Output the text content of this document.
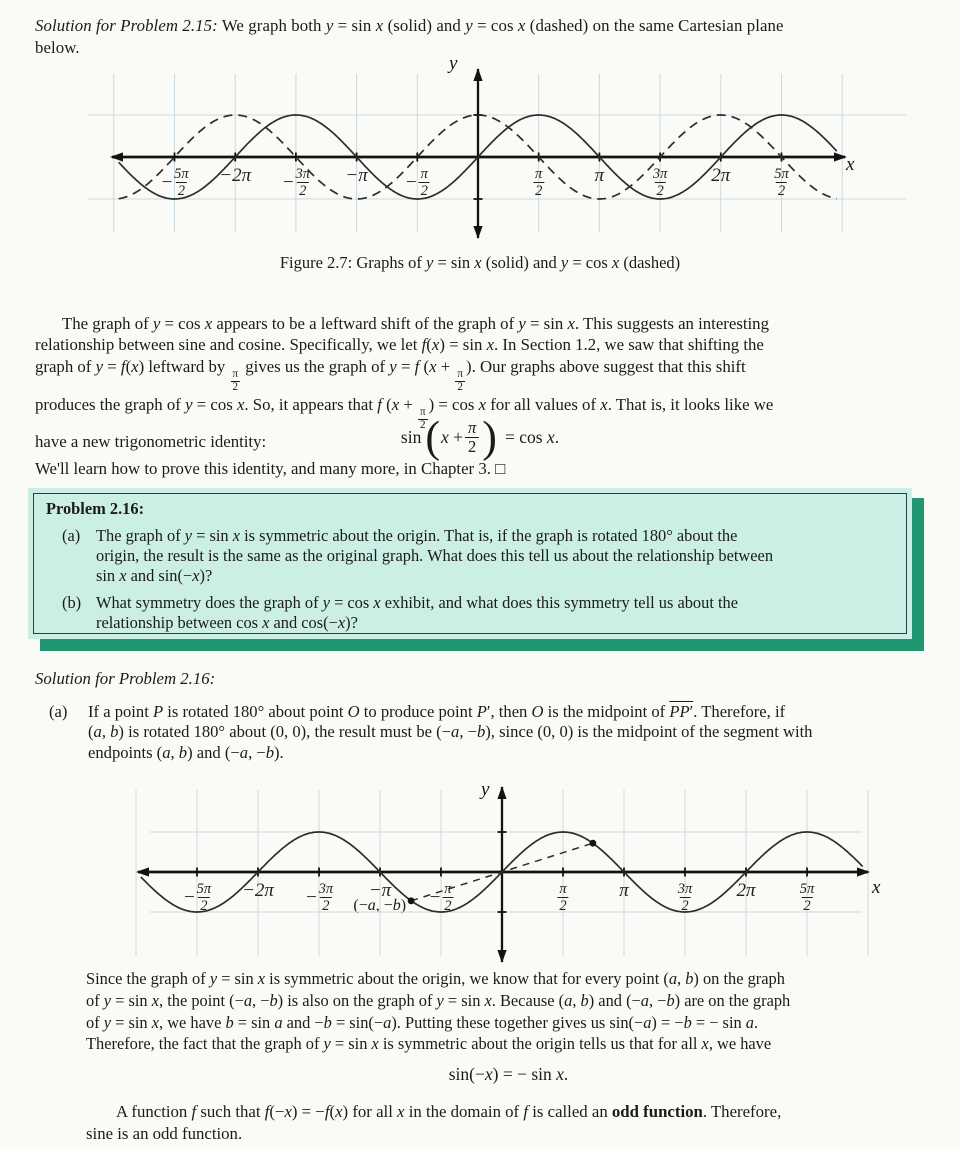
Solution for Problem 2.15: We graph both y = sin x (solid) and y = cos x (dashed) on the same Cartesian plane
below.
− $\frac{5\pi}{2} -2\pi - \frac{3\pi}{2} -\pi - \frac{\pi}{2}$	π
2
π	3π
2
2π	5π
2
x
y
Figure 2.7: Graphs of y = sin x (solid) and y = cos x (dashed)
The graph of y = cos x appears to be a leftward shift of the graph of y = sin x. This suggests an interesting
relationship between sine and cosine. Specifically, we let f(x) = sin x. In Section 1.2, we saw that shifting the
graph of y = f(x) leftward by
$\frac{\pi}{2}$
gives us the graph of y = f (x +
$\frac{\pi}{2}$
). Our graphs above suggest that this shift
produces the graph of y = cos x. So, it appears that f (x +
$\frac{\pi}{2}$
) = cos x for all values of x. That is, it looks like we
have a new trigonometric identity:	sin ( $x + \frac{\pi}{2}$ ) = cos x.
We'll learn how to prove this identity, and many more, in Chapter 3. □
Problem 2.16:
(a) The graph of y = sin x is symmetric about the origin. That is, if the graph is rotated 180° about the
origin, the result is the same as the original graph. What does this tell us about the relationship between
sin x and sin(−x)?
(b) What symmetry does the graph of y = cos x exhibit, and what does this symmetry tell us about the
relationship between cos x and cos(−x)?
Solution for Problem 2.16:
(a)	If a point P is rotated 180° about point O to produce point P′, then O is the midpoint of PP′. Therefore, if
(a, b) is rotated 180° about (0, 0), the result must be (−a, −b), since (0, 0) is the midpoint of the segment with
endpoints (a, b) and (−a, −b).
(−a, −b)
− $\frac{5\pi}{2} -2\pi - \frac{3\pi}{2} -\pi - \frac{\pi}{2}$	π
2
π	3π
2
2π	5π
2
x
y
Since the graph of y = sin x is symmetric about the origin, we know that for every point (a, b) on the graph
of y = sin x, the point (−a, −b) is also on the graph of y = sin x. Because (a, b) and (−a, −b) are on the graph
of y = sin x, we have b = sin a and −b = sin(−a). Putting these together gives us sin(−a) = −b = − sin a.
Therefore, the fact that the graph of y = sin x is symmetric about the origin tells us that for all x, we have
sin(−x) = − sin x.
A function f such that f(−x) = −f(x) for all x in the domain of f is called an odd function. Therefore,
sine is an odd function.
